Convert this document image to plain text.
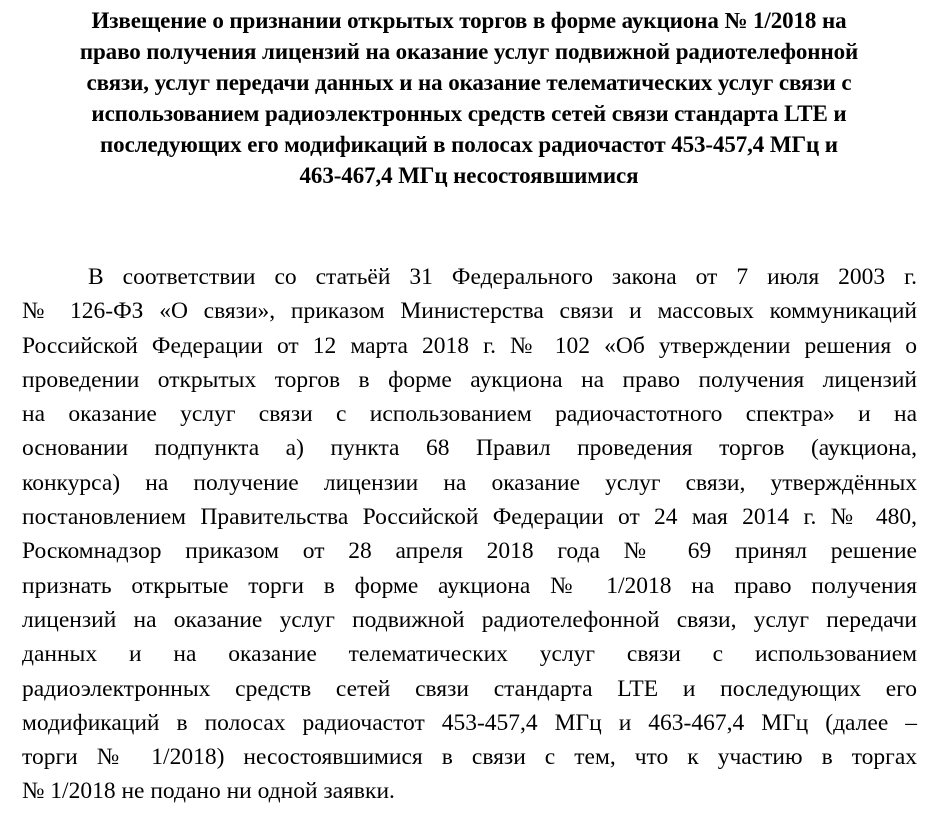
Извещение о признании открытых торгов в форме аукциона № 1/2018 на
право получения лицензий на оказание услуг подвижной радиотелефонной
связи, услуг передачи данных и на оказание телематических услуг связи с
использованием радиоэлектронных средств сетей связи стандарта LTE и
последующих его модификаций в полосах радиочастот 453-457,4 МГц и
463-467,4 МГц несостоявшимися

В соответствии со статьёй 31 Федерального закона от 7 июля 2003 г.
№ 126-ФЗ «О связи», приказом Министерства связи и массовых коммуникаций
Российской Федерации от 12 марта 2018 г. № 102 «Об утверждении решения о
проведении открытых торгов в форме аукциона на право получения лицензий
на оказание услуг связи с использованием радиочастотного спектра» и на
основании подпункта а) пункта 68 Правил проведения торгов (аукциона,
конкурса) на получение лицензии на оказание услуг связи, утверждённых
постановлением Правительства Российской Федерации от 24 мая 2014 г. № 480,
Роскомнадзор приказом от 28 апреля 2018 года № 69 принял решение
признать открытые торги в форме аукциона № 1/2018 на право получения
лицензий на оказание услуг подвижной радиотелефонной связи, услуг передачи
данных и на оказание телематических услуг связи с использованием
радиоэлектронных средств сетей связи стандарта LTE и последующих его
модификаций в полосах радиочастот 453-457,4 МГц и 463-467,4 МГц (далее –
торги № 1/2018) несостоявшимися в связи с тем, что к участию в торгах
№ 1/2018 не подано ни одной заявки.
